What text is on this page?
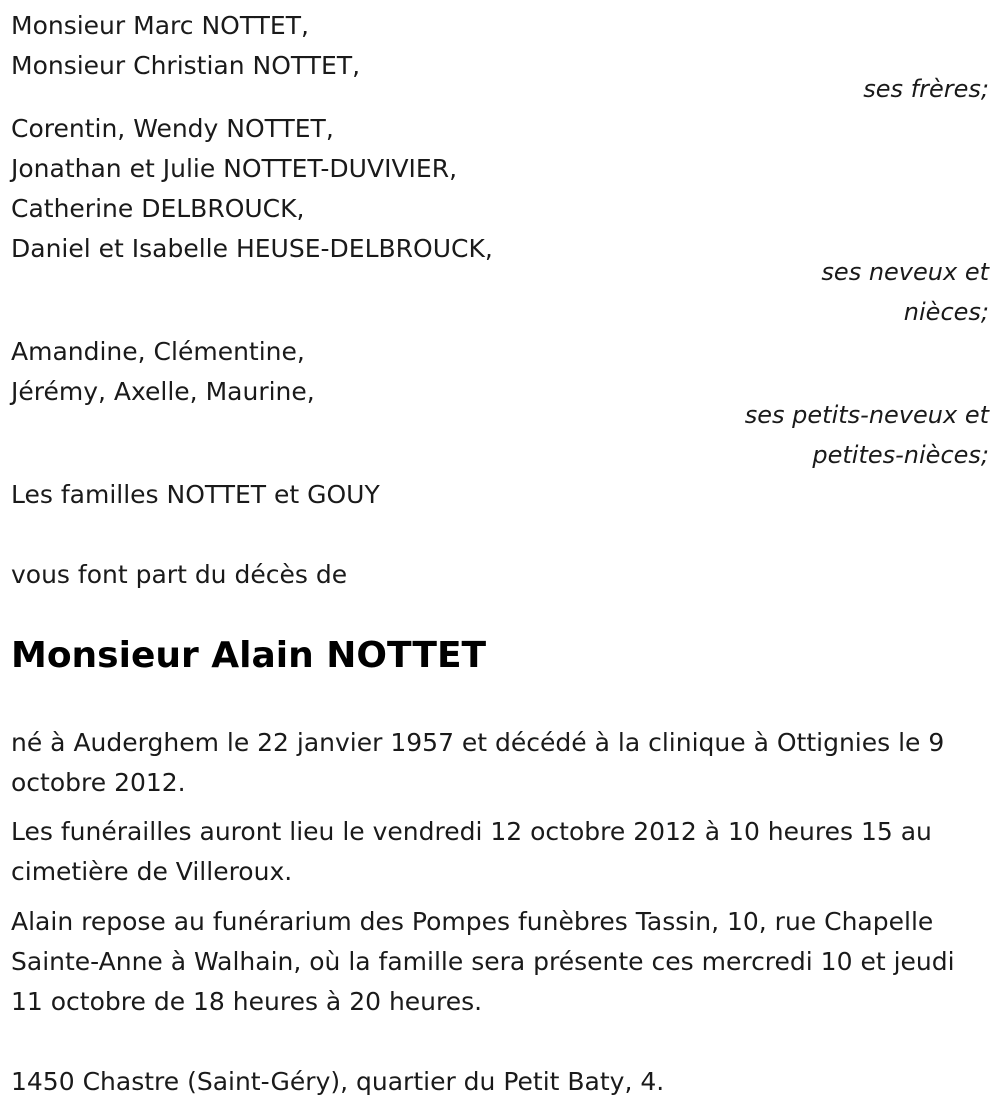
Monsieur Marc NOTTET,
Monsieur Christian NOTTET,
ses frères;
Corentin, Wendy NOTTET,
Jonathan et Julie NOTTET-DUVIVIER,
Catherine DELBROUCK,
Daniel et Isabelle HEUSE-DELBROUCK,
ses neveux et
nièces;
Amandine, Clémentine,
Jérémy, Axelle, Maurine,
ses petits-neveux et
petites-nièces;
Les familles NOTTET et GOUY
vous font part du décès de
Monsieur Alain NOTTET
né à Auderghem le 22 janvier 1957 et décédé à la clinique à Ottignies le 9 octobre 2012.
Les funérailles auront lieu le vendredi 12 octobre 2012 à 10 heures 15 au cimetière de Villeroux.
Alain repose au funérarium des Pompes funèbres Tassin, 10, rue Chapelle Sainte-Anne à Walhain, où la famille sera présente ces mercredi 10 et jeudi 11 octobre de 18 heures à 20 heures.
1450 Chastre (Saint-Géry), quartier du Petit Baty, 4.
